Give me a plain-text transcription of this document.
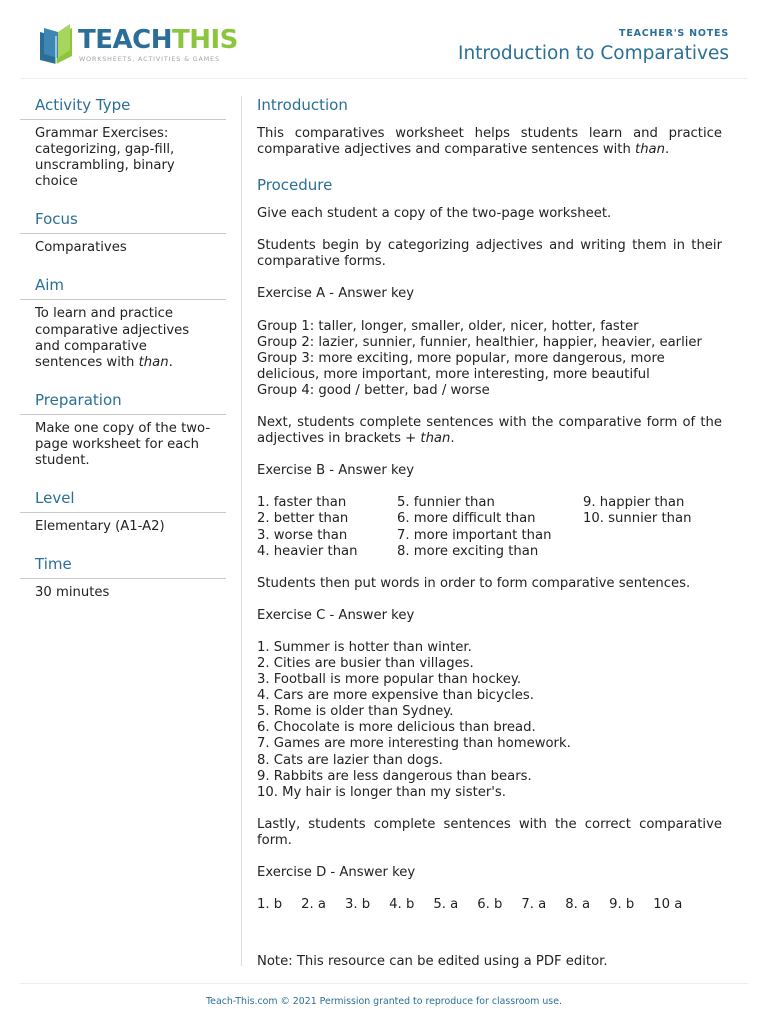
TEACHTHIS
WORKSHEETS, ACTIVITIES & GAMES
TEACHER'S NOTES
Introduction to Comparatives
Activity Type
Grammar Exercises: categorizing, gap-fill, unscrambling, binary choice
Focus
Comparatives
Aim
To learn and practice comparative adjectives and comparative sentences with than.
Preparation
Make one copy of the two-page worksheet for each student.
Level
Elementary (A1-A2)
Time
30 minutes
Introduction

This comparatives worksheet helps students learn and practice comparative adjectives and comparative sentences with than.

Procedure

Give each student a copy of the two-page worksheet.

Students begin by categorizing adjectives and writing them in their comparative forms.

Exercise A - Answer key

Group 1: taller, longer, smaller, older, nicer, hotter, faster
Group 2: lazier, sunnier, funnier, healthier, happier, heavier, earlier
Group 3: more exciting, more popular, more dangerous, more
delicious, more important, more interesting, more beautiful
Group 4: good / better, bad / worse

Next, students complete sentences with the comparative form of the adjectives in brackets + than.

Exercise B - Answer key

1. faster than	5. funnier than	9. happier than
2. better than	6. more difficult than	10. sunnier than
3. worse than	7. more important than
4. heavier than	8. more exciting than

Students then put words in order to form comparative sentences.

Exercise C - Answer key

1. Summer is hotter than winter.
2. Cities are busier than villages.
3. Football is more popular than hockey.
4. Cars are more expensive than bicycles.
5. Rome is older than Sydney.
6. Chocolate is more delicious than bread.
7. Games are more interesting than homework.
8. Cats are lazier than dogs.
9. Rabbits are less dangerous than bears.
10. My hair is longer than my sister's.

Lastly, students complete sentences with the correct comparative form.

Exercise D - Answer key

1. b 2. a 3. b 4. b 5. a 6. b 7. a 8. a 9. b 10 a

Note: This resource can be edited using a PDF editor.

Teach-This.com © 2021 Permission granted to reproduce for classroom use.
